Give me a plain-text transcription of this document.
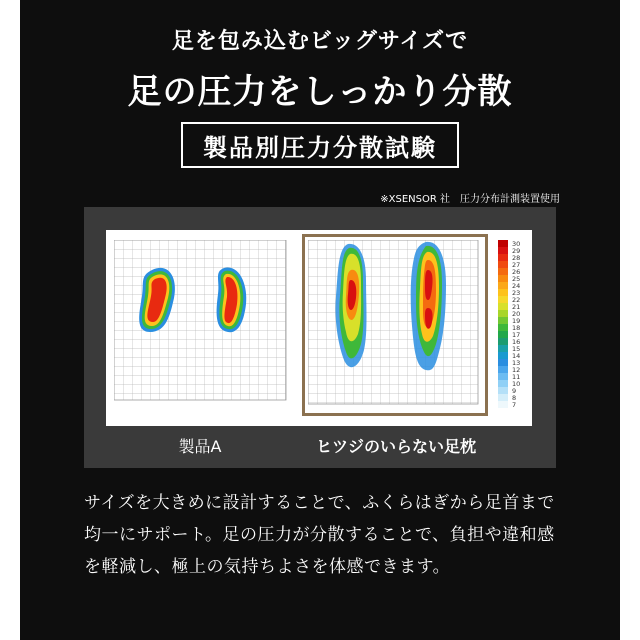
足を包み込むビッグサイズで
足の圧力をしっかり分散
製品別圧力分散試験
※XSENSOR 社　圧力分布計測装置使用
30
29
28
27
26
25
24
23
22
21
20
19
18
17
16
15
14
13
12
11
10
9
8
7
製品A	ヒツジのいらない足枕
サイズを大きめに設計することで、ふくらはぎから足首まで均一にサポート。足の圧力が分散することで、負担や違和感を軽減し、極上の気持ちよさを体感できます。
